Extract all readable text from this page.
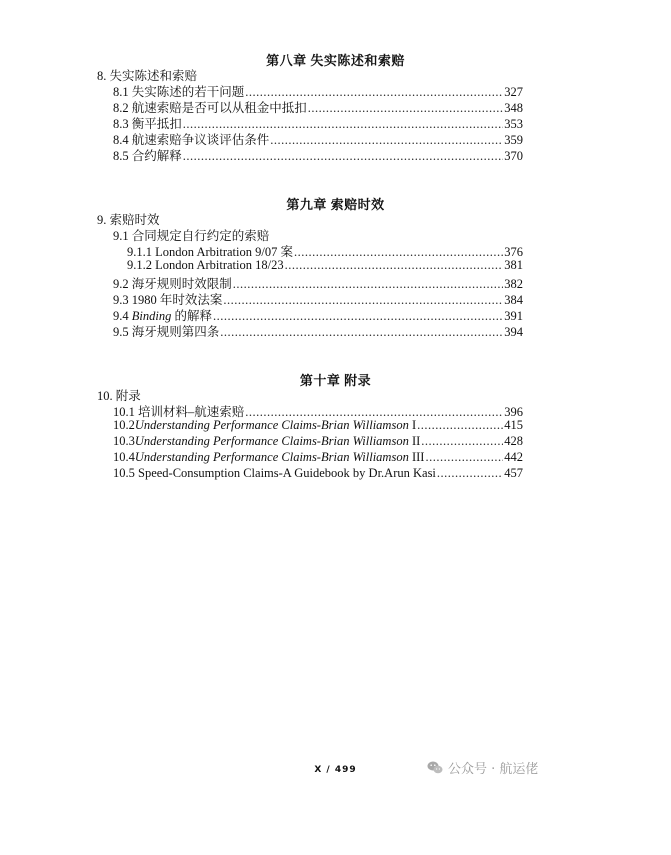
第八章 失实陈述和索赔
8. 失实陈述和索赔
8.1 失实陈述的若干问题 .....	327
8.2 航速索赔是否可以从租金中抵扣 .....	348
8.3 衡平抵扣 .....	353
8.4 航速索赔争议谈评估条件 .....	359
8.5 合约解释 .....	370
第九章 索赔时效
9. 索赔时效
9.1 合同规定自行约定的索赔
9.1.1 London Arbitration 9/07 案 .....	376
9.1.2 London Arbitration 18/23 .....	381
9.2 海牙规则时效限制 .....	382
9.3 1980 年时效法案 .....	384
9.4 Binding 的解释 .....	391
9.5 海牙规则第四条 .....	394
第十章 附录
10. 附录
10.1 培训材料–航速索赔 .....	396
10.2Understanding Performance Claims-Brian Williamson I .....	415
10.3Understanding Performance Claims-Brian Williamson II .....	428
10.4Understanding Performance Claims-Brian Williamson III .....	442
10.5 Speed-Consumption Claims-A Guidebook by Dr.Arun Kasi .....	457
X / 499	公众号 · 航运佬
